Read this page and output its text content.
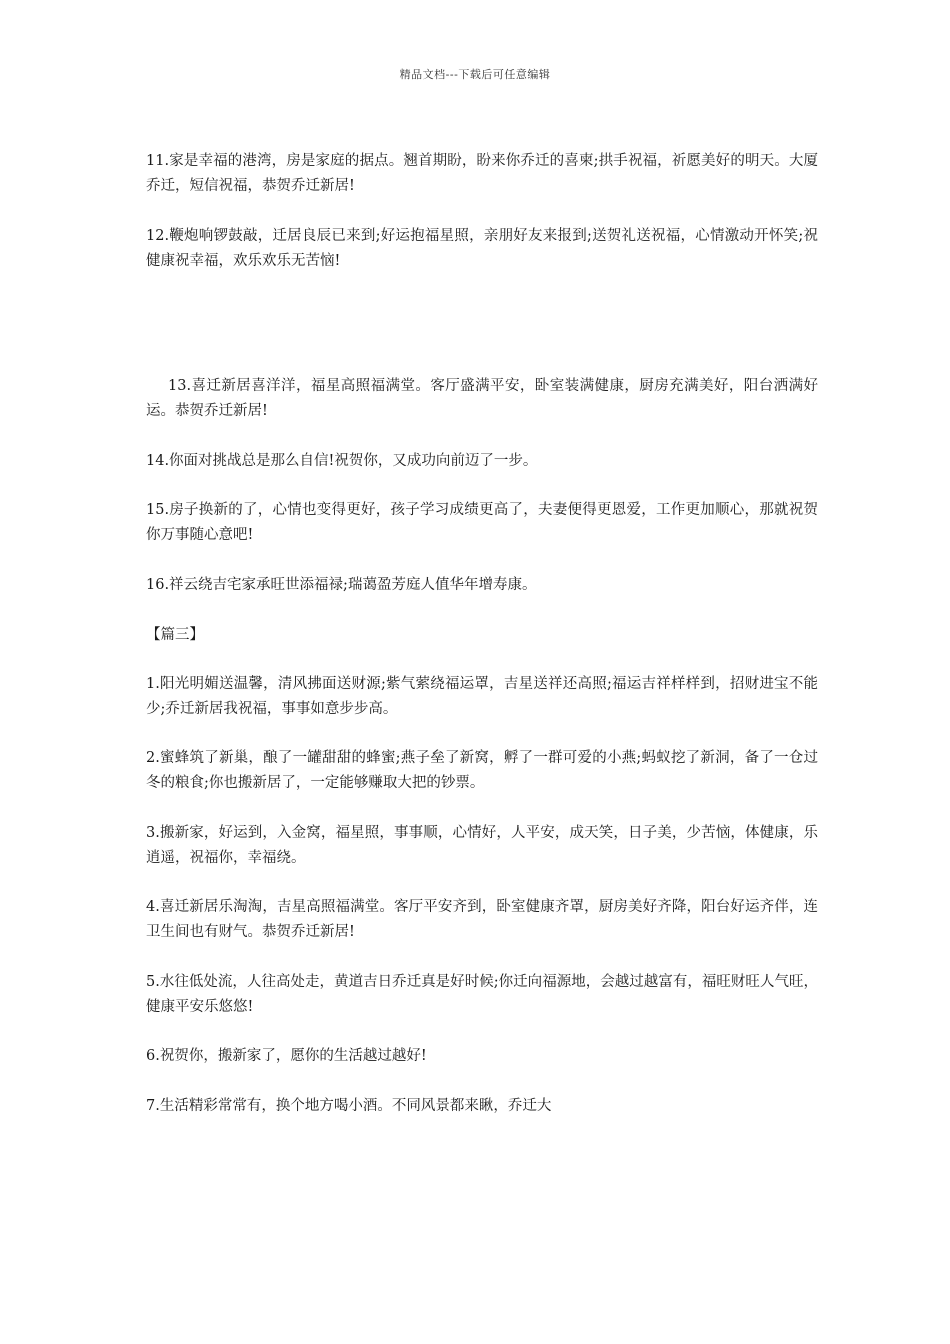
精品文档---下载后可任意编辑
11.家是幸福的港湾，房是家庭的据点。翘首期盼，盼来你乔迁的喜柬;拱手祝福，祈愿美好的明天。大厦乔迁，短信祝福，恭贺乔迁新居!
12.鞭炮响锣鼓敲，迁居良辰已来到;好运抱福星照，亲朋好友来报到;送贺礼送祝福，心情激动开怀笑;祝健康祝幸福，欢乐欢乐无苦恼!
13.喜迁新居喜洋洋，福星高照福满堂。客厅盛满平安，卧室装满健康，厨房充满美好，阳台洒满好运。恭贺乔迁新居!
14.你面对挑战总是那么自信!祝贺你，又成功向前迈了一步。
15.房子换新的了，心情也变得更好，孩子学习成绩更高了，夫妻便得更恩爱，工作更加顺心，那就祝贺你万事随心意吧!
16.祥云绕吉宅家承旺世添福禄;瑞蔼盈芳庭人值华年增寿康。
【篇三】
1.阳光明媚送温馨，清风拂面送财源;紫气萦绕福运罩，吉星送祥还高照;福运吉祥样样到，招财进宝不能少;乔迁新居我祝福，事事如意步步高。
2.蜜蜂筑了新巢，酿了一罐甜甜的蜂蜜;燕子垒了新窝，孵了一群可爱的小燕;蚂蚁挖了新洞，备了一仓过冬的粮食;你也搬新居了，一定能够赚取大把的钞票。
3.搬新家，好运到，入金窝，福星照，事事顺，心情好，人平安，成天笑，日子美，少苦恼，体健康，乐逍遥，祝福你，幸福绕。
4.喜迁新居乐淘淘，吉星高照福满堂。客厅平安齐到，卧室健康齐罩，厨房美好齐降，阳台好运齐伴，连卫生间也有财气。恭贺乔迁新居!
5.水往低处流，人往高处走，黄道吉日乔迁真是好时候;你迁向福源地，会越过越富有，福旺财旺人气旺，健康平安乐悠悠!
6.祝贺你，搬新家了，愿你的生活越过越好!
7.生活精彩常常有，换个地方喝小酒。不同风景都来瞅，乔迁大
